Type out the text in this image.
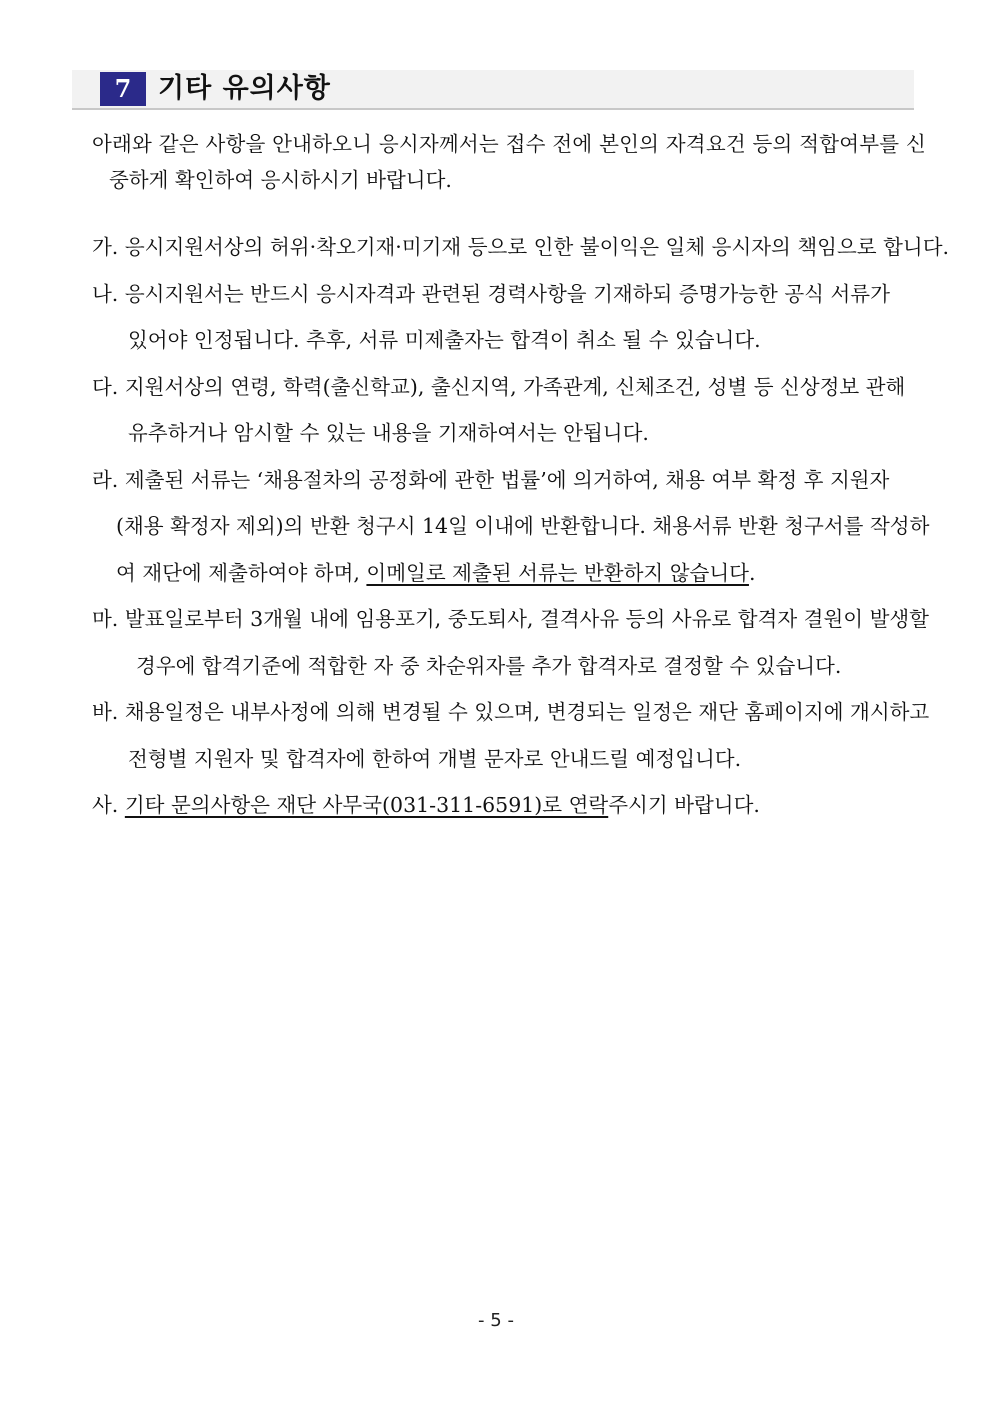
7 기타 유의사항
아래와 같은 사항을 안내하오니 응시자께서는 접수 전에 본인의 자격요건 등의 적합여부를 신
중하게 확인하여 응시하시기 바랍니다.
가. 응시지원서상의 허위·착오기재·미기재 등으로 인한 불이익은 일체 응시자의 책임으로 합니다.
나. 응시지원서는 반드시 응시자격과 관련된 경력사항을 기재하되 증명가능한 공식 서류가
있어야 인정됩니다. 추후, 서류 미제출자는 합격이 취소 될 수 있습니다.
다. 지원서상의 연령, 학력(출신학교), 출신지역, 가족관계, 신체조건, 성별 등 신상정보 관해
유추하거나 암시할 수 있는 내용을 기재하여서는 안됩니다.
라. 제출된 서류는 ‘채용절차의 공정화에 관한 법률’에 의거하여, 채용 여부 확정 후 지원자
(채용 확정자 제외)의 반환 청구시 14일 이내에 반환합니다. 채용서류 반환 청구서를 작성하
여 재단에 제출하여야 하며, 이메일로 제출된 서류는 반환하지 않습니다.
마. 발표일로부터 3개월 내에 임용포기, 중도퇴사, 결격사유 등의 사유로 합격자 결원이 발생할
경우에 합격기준에 적합한 자 중 차순위자를 추가 합격자로 결정할 수 있습니다.
바. 채용일정은 내부사정에 의해 변경될 수 있으며, 변경되는 일정은 재단 홈페이지에 개시하고
전형별 지원자 및 합격자에 한하여 개별 문자로 안내드릴 예정입니다.
사. 기타 문의사항은 재단 사무국(031-311-6591)로 연락주시기 바랍니다.
- 5 -
